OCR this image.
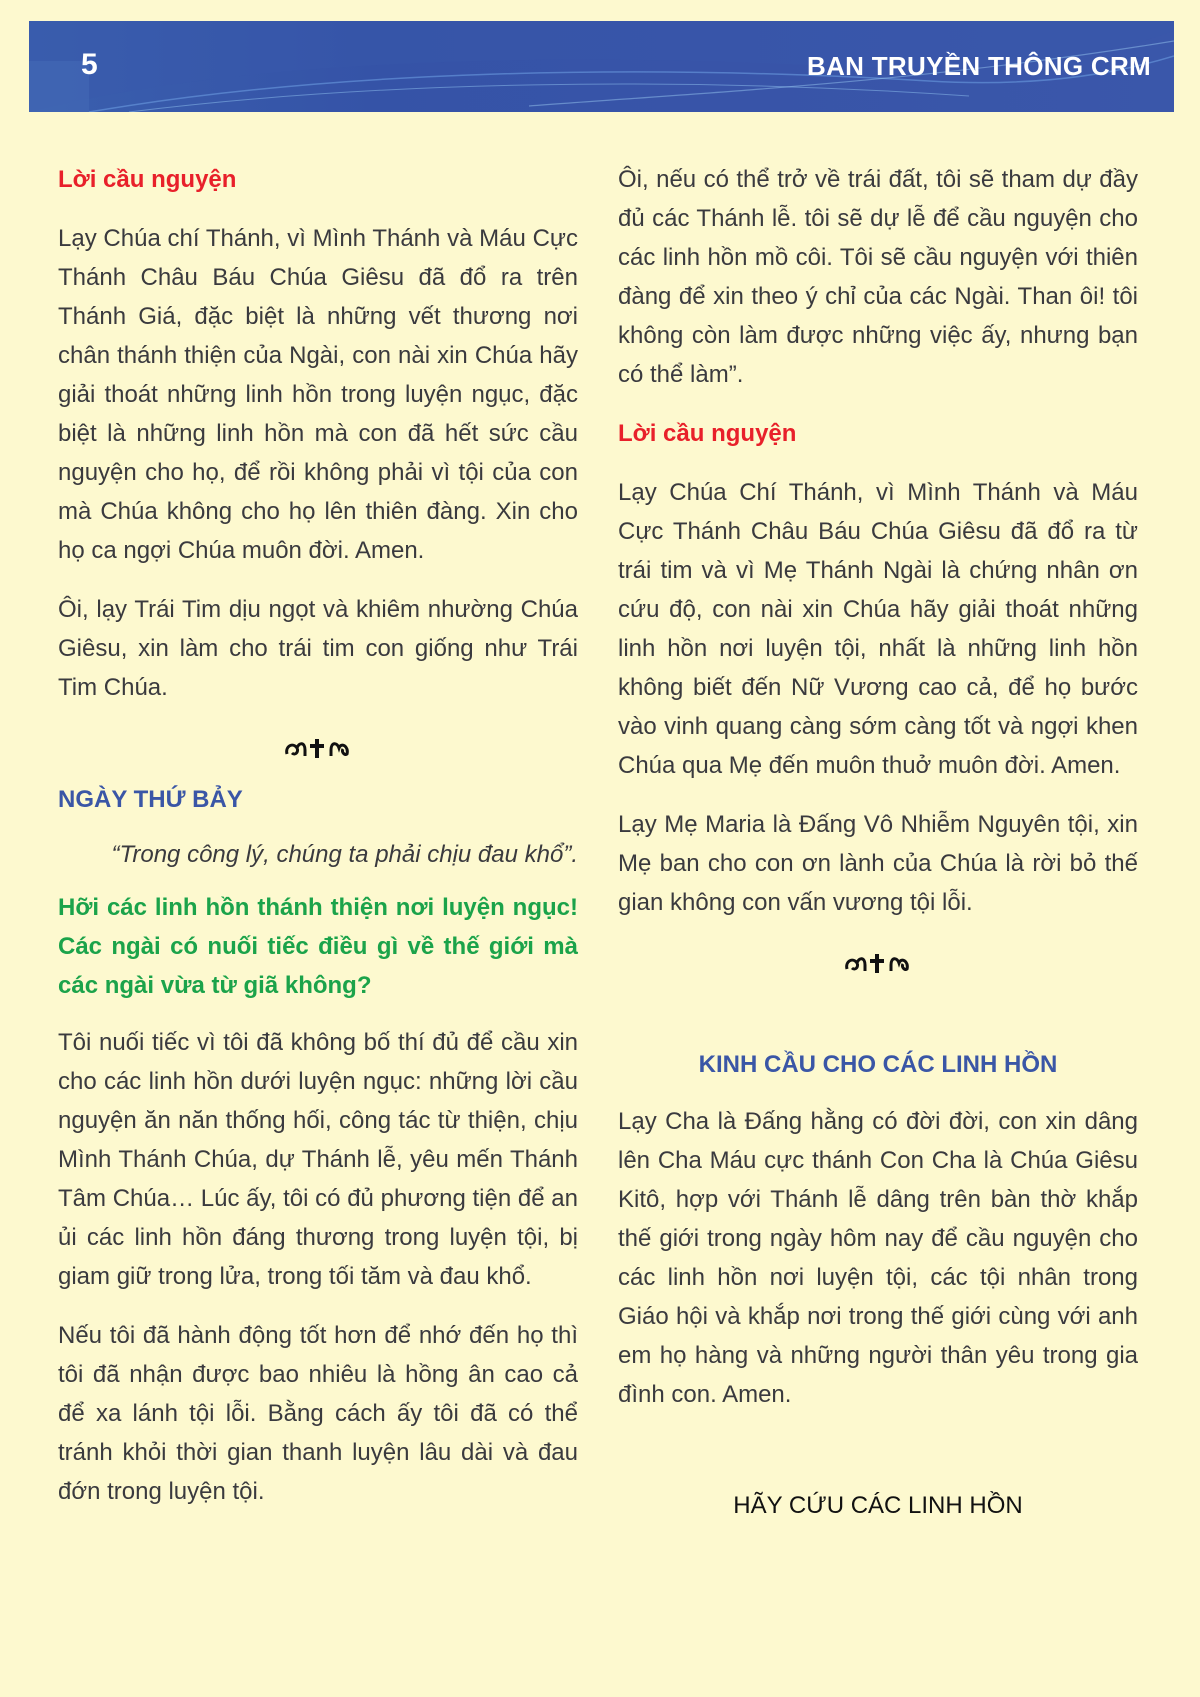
5	BAN TRUYỀN THÔNG CRM
Lời cầu nguyện

Lạy Chúa chí Thánh, vì Mình Thánh và Máu Cực Thánh Châu Báu Chúa Giêsu đã đổ ra trên Thánh Giá, đặc biệt là những vết thương nơi chân thánh thiện của Ngài, con nài xin Chúa hãy giải thoát những linh hồn trong luyện ngục, đặc biệt là những linh hồn mà con đã hết sức cầu nguyện cho họ, để rồi không phải vì tội của con mà Chúa không cho họ lên thiên đàng. Xin cho họ ca ngợi Chúa muôn đời. Amen.

Ôi, lạy Trái Tim dịu ngọt và khiêm nhường Chúa Giêsu, xin làm cho trái tim con giống như Trái Tim Chúa.

NGÀY THỨ BẢY

“Trong công lý, chúng ta phải chịu đau khổ”.

Hỡi các linh hồn thánh thiện nơi luyện ngục! Các ngài có nuối tiếc điều gì về thế giới mà các ngài vừa từ giã không?

Tôi nuối tiếc vì tôi đã không bố thí đủ để cầu xin cho các linh hồn dưới luyện ngục: những lời cầu nguyện ăn năn thống hối, công tác từ thiện, chịu Mình Thánh Chúa, dự Thánh lễ, yêu mến Thánh Tâm Chúa… Lúc ấy, tôi có đủ phương tiện để an ủi các linh hồn đáng thương trong luyện tội, bị giam giữ trong lửa, trong tối tăm và đau khổ.

Nếu tôi đã hành động tốt hơn để nhớ đến họ thì tôi đã nhận được bao nhiêu là hồng ân cao cả để xa lánh tội lỗi. Bằng cách ấy tôi đã có thể tránh khỏi thời gian thanh luyện lâu dài và đau đớn trong luyện tội.

Ôi, nếu có thể trở về trái đất, tôi sẽ tham dự đầy đủ các Thánh lễ. tôi sẽ dự lễ để cầu nguyện cho các linh hồn mồ côi. Tôi sẽ cầu nguyện với thiên đàng để xin theo ý chỉ của các Ngài. Than ôi! tôi không còn làm được những việc ấy, nhưng bạn có thể làm”.

Lời cầu nguyện

Lạy Chúa Chí Thánh, vì Mình Thánh và Máu Cực Thánh Châu Báu Chúa Giêsu đã đổ ra từ trái tim và vì Mẹ Thánh Ngài là chứng nhân ơn cứu độ, con nài xin Chúa hãy giải thoát những linh hồn nơi luyện tội, nhất là những linh hồn không biết đến Nữ Vương cao cả, để họ bước vào vinh quang càng sớm càng tốt và ngợi khen Chúa qua Mẹ đến muôn thuở muôn đời. Amen.

Lạy Mẹ Maria là Đấng Vô Nhiễm Nguyên tội, xin Mẹ ban cho con ơn lành của Chúa là rời bỏ thế gian không con vấn vương tội lỗi.

KINH CẦU CHO CÁC LINH HỒN

Lạy Cha là Đấng hằng có đời đời, con xin dâng lên Cha Máu cực thánh Con Cha là Chúa Giêsu Kitô, hợp với Thánh lễ dâng trên bàn thờ khắp thế giới trong ngày hôm nay để cầu nguyện cho các linh hồn nơi luyện tội, các tội nhân trong Giáo hội và khắp nơi trong thế giới cùng với anh em họ hàng và những người thân yêu trong gia đình con. Amen.

HÃY CỨU CÁC LINH HỒN
